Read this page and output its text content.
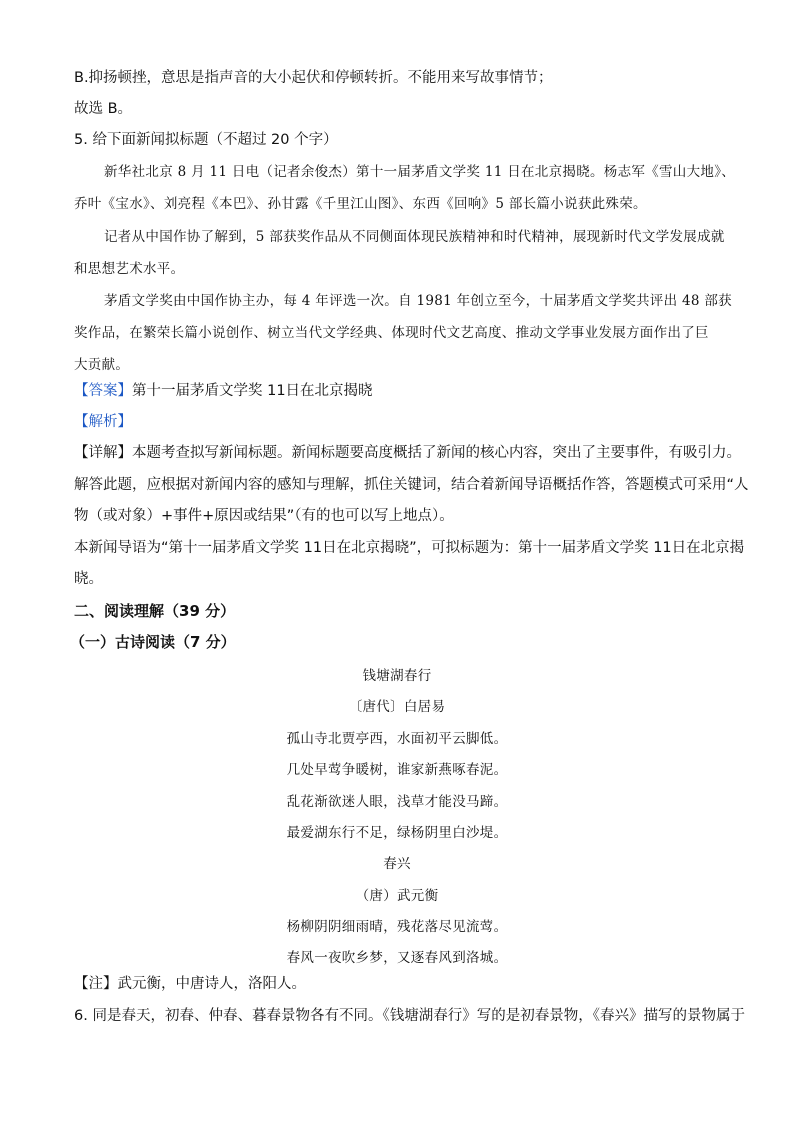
B.抑扬顿挫，意思是指声音的大小起伏和停顿转折。不能用来写故事情节；
故选 B。
5. 给下面新闻拟标题（不超过 20 个字）
新华社北京 8 月 11 日电（记者余俊杰）第十一届茅盾文学奖 11 日在北京揭晓。杨志军《雪山大地》、
乔叶《宝水》、刘亮程《本巴》、孙甘露《千里江山图》、东西《回响》5 部长篇小说获此殊荣。
记者从中国作协了解到，5 部获奖作品从不同侧面体现民族精神和时代精神，展现新时代文学发展成就
和思想艺术水平。
茅盾文学奖由中国作协主办，每 4 年评选一次。自 1981 年创立至今，十届茅盾文学奖共评出 48 部获
奖作品，在繁荣长篇小说创作、树立当代文学经典、体现时代文艺高度、推动文学事业发展方面作出了巨
大贡献。
【答案】第十一届茅盾文学奖 11日在北京揭晓
【解析】
【详解】本题考查拟写新闻标题。新闻标题要高度概括了新闻的核心内容，突出了主要事件，有吸引力。
解答此题，应根据对新闻内容的感知与理解，抓住关键词，结合着新闻导语概括作答，答题模式可采用“人
物（或对象）+事件+原因或结果”（有的也可以写上地点）。
本新闻导语为“第十一届茅盾文学奖 11日在北京揭晓”，可拟标题为：第十一届茅盾文学奖 11日在北京揭
晓。
二、阅读理解（39 分）
（一）古诗阅读（7 分）
钱塘湖春行
〔唐代〕白居易
孤山寺北贾亭西，水面初平云脚低。
几处早莺争暖树，谁家新燕啄春泥。
乱花渐欲迷人眼，浅草才能没马蹄。
最爱湖东行不足，绿杨阴里白沙堤。
春兴
（唐）武元衡
杨柳阴阴细雨晴，残花落尽见流莺。
春风一夜吹乡梦，又逐春风到洛城。
【注】武元衡，中唐诗人，洛阳人。
6. 同是春天，初春、仲春、暮春景物各有不同。《钱塘湖春行》写的是初春景物，《春兴》描写的景物属于
